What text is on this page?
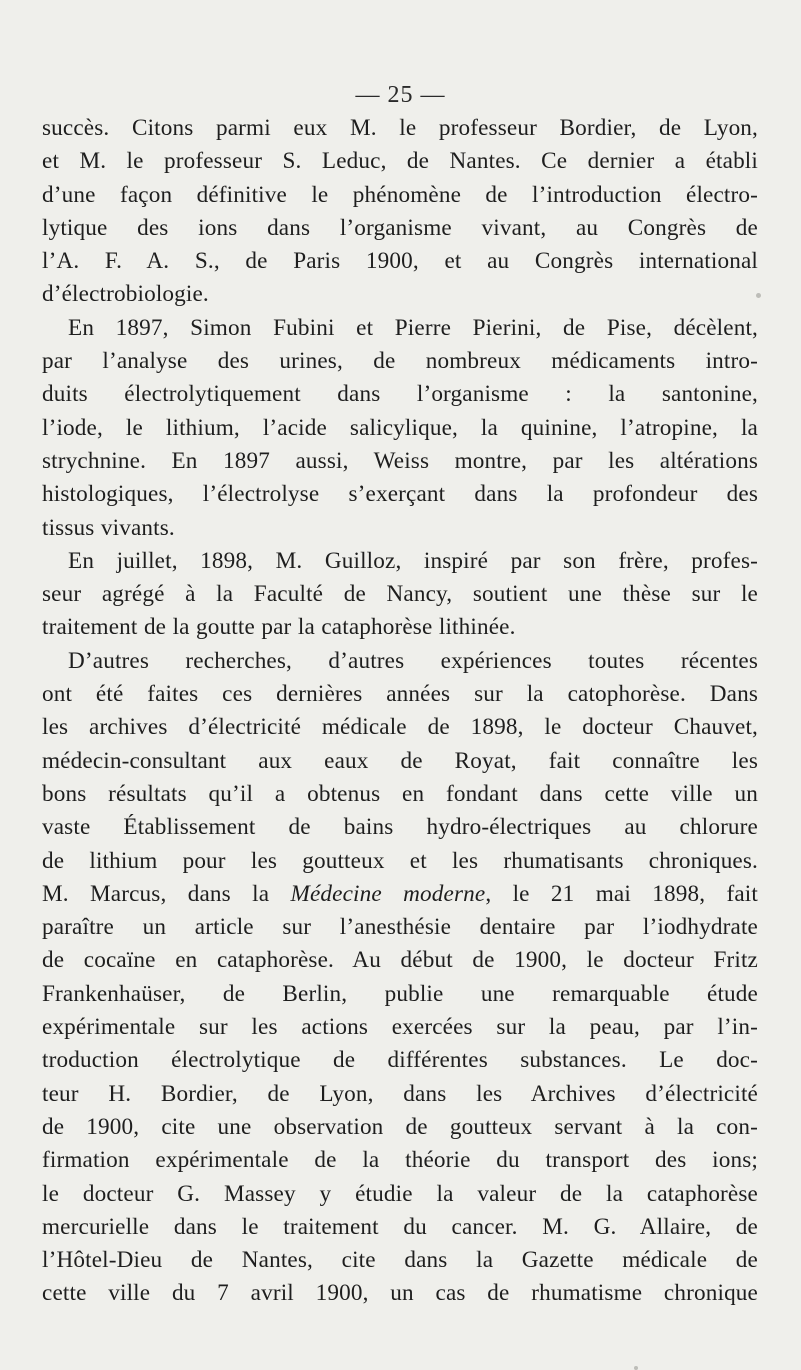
— 25 —
succès. Citons parmi eux M. le professeur Bordier, de Lyon,
et M. le professeur S. Leduc, de Nantes. Ce dernier a établi
d’une façon définitive le phénomène de l’introduction électro-
lytique des ions dans l’organisme vivant, au Congrès de
l’A. F. A. S., de Paris 1900, et au Congrès international
d’électrobiologie.
En 1897, Simon Fubini et Pierre Pierini, de Pise, décèlent,
par l’analyse des urines, de nombreux médicaments intro-
duits électrolytiquement dans l’organisme : la santonine,
l’iode, le lithium, l’acide salicylique, la quinine, l’atropine, la
strychnine. En 1897 aussi, Weiss montre, par les altérations
histologiques, l’électrolyse s’exerçant dans la profondeur des
tissus vivants.
En juillet, 1898, M. Guilloz, inspiré par son frère, profes-
seur agrégé à la Faculté de Nancy, soutient une thèse sur le
traitement de la goutte par la cataphorèse lithinée.
D’autres recherches, d’autres expériences toutes récentes
ont été faites ces dernières années sur la catophorèse. Dans
les archives d’électricité médicale de 1898, le docteur Chauvet,
médecin-consultant aux eaux de Royat, fait connaître les
bons résultats qu’il a obtenus en fondant dans cette ville un
vaste Établissement de bains hydro-électriques au chlorure
de lithium pour les goutteux et les rhumatisants chroniques.
M. Marcus, dans la Médecine moderne, le 21 mai 1898, fait
paraître un article sur l’anesthésie dentaire par l’iodhydrate
de cocaïne en cataphorèse. Au début de 1900, le docteur Fritz
Frankenhaüser, de Berlin, publie une remarquable étude
expérimentale sur les actions exercées sur la peau, par l’in-
troduction électrolytique de différentes substances. Le doc-
teur H. Bordier, de Lyon, dans les Archives d’électricité
de 1900, cite une observation de goutteux servant à la con-
firmation expérimentale de la théorie du transport des ions;
le docteur G. Massey y étudie la valeur de la cataphorèse
mercurielle dans le traitement du cancer. M. G. Allaire, de
l’Hôtel-Dieu de Nantes, cite dans la Gazette médicale de
cette ville du 7 avril 1900, un cas de rhumatisme chronique
